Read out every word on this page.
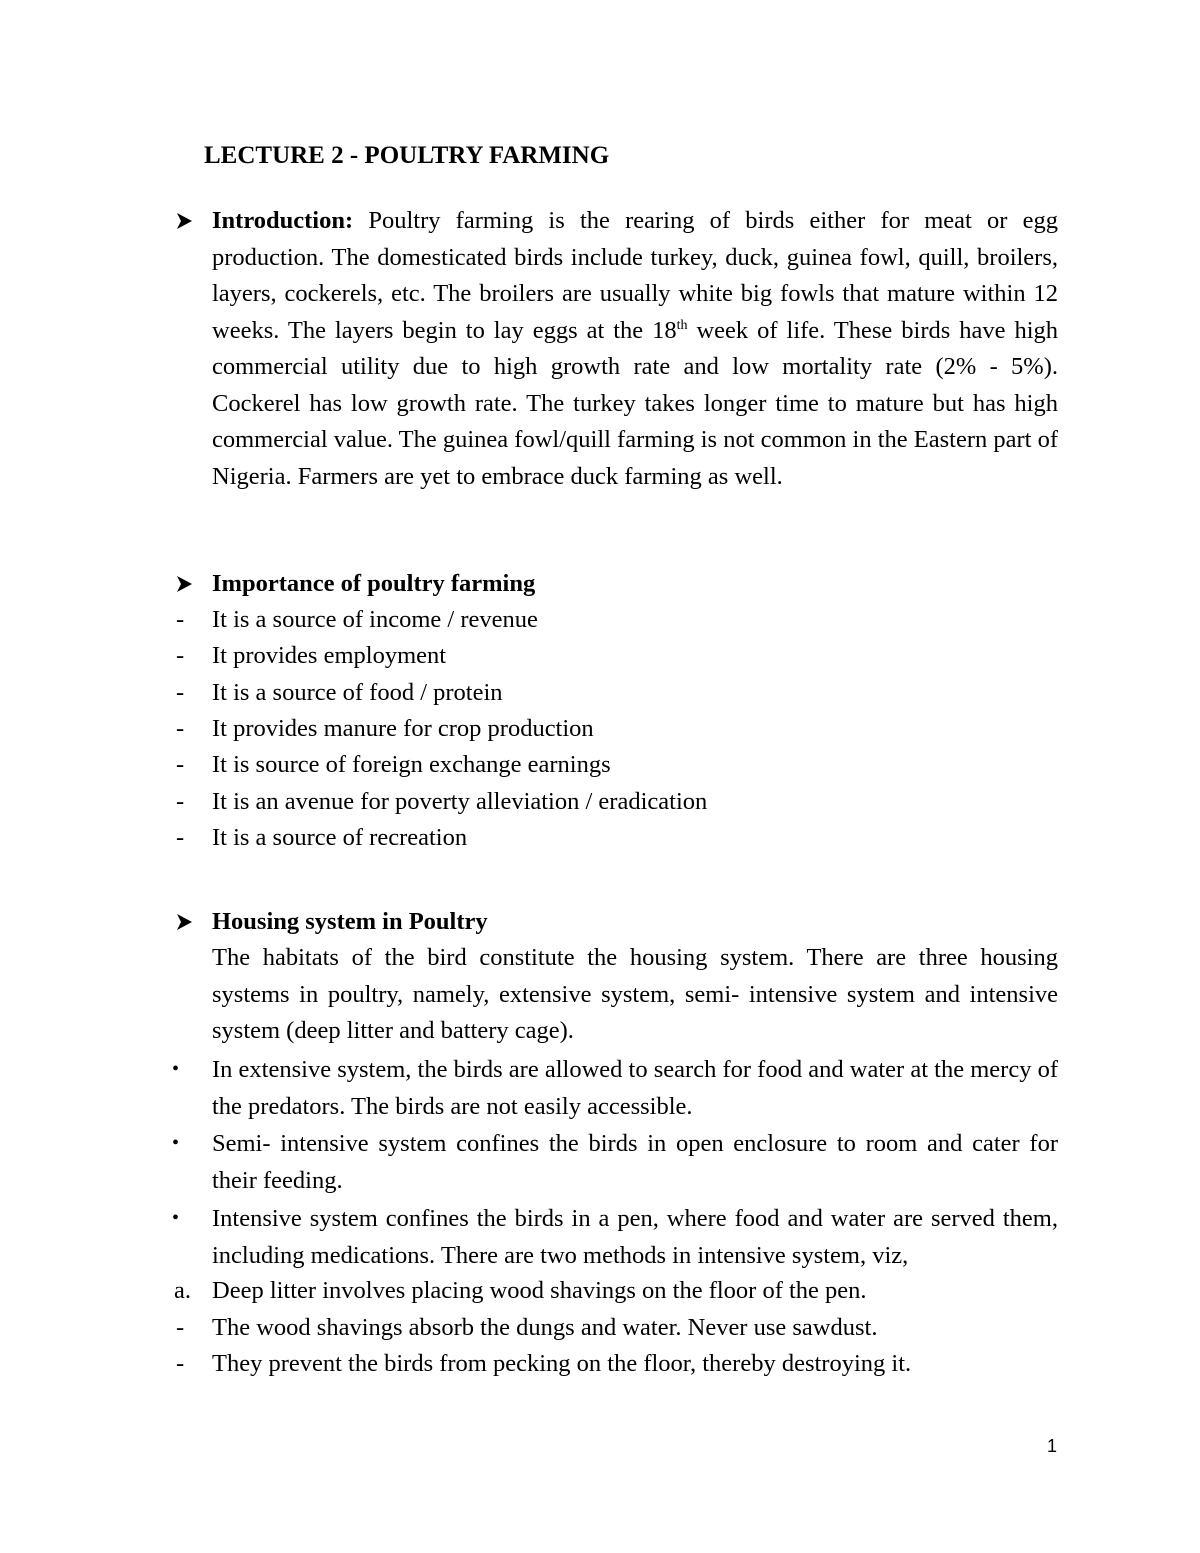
LECTURE 2 - POULTRY FARMING

Introduction: Poultry farming is the rearing of birds either for meat or egg production. The domesticated birds include turkey, duck, guinea fowl, quill, broilers, layers, cockerels, etc. The broilers are usually white big fowls that mature within 12 weeks. The layers begin to lay eggs at the 18th week of life. These birds have high commercial utility due to high growth rate and low mortality rate (2% - 5%). Cockerel has low growth rate. The turkey takes longer time to mature but has high commercial value. The guinea fowl/quill farming is not common in the Eastern part of Nigeria. Farmers are yet to embrace duck farming as well.

Importance of poultry farming
- It is a source of income / revenue
- It provides employment
- It is a source of food / protein
- It provides manure for crop production
- It is source of foreign exchange earnings
- It is an avenue for poverty alleviation / eradication
- It is a source of recreation
Housing system in Poultry

The habitats of the bird constitute the housing system. There are three housing systems in poultry, namely, extensive system, semi- intensive system and intensive system (deep litter and battery cage).

• In extensive system, the birds are allowed to search for food and water at the mercy of the predators. The birds are not easily accessible.

• Semi- intensive system confines the birds in open enclosure to room and cater for their feeding.

• Intensive system confines the birds in a pen, where food and water are served them, including medications. There are two methods in intensive system, viz,

a. Deep litter involves placing wood shavings on the floor of the pen.
- The wood shavings absorb the dungs and water. Never use sawdust.
- They prevent the birds from pecking on the floor, thereby destroying it.
1
